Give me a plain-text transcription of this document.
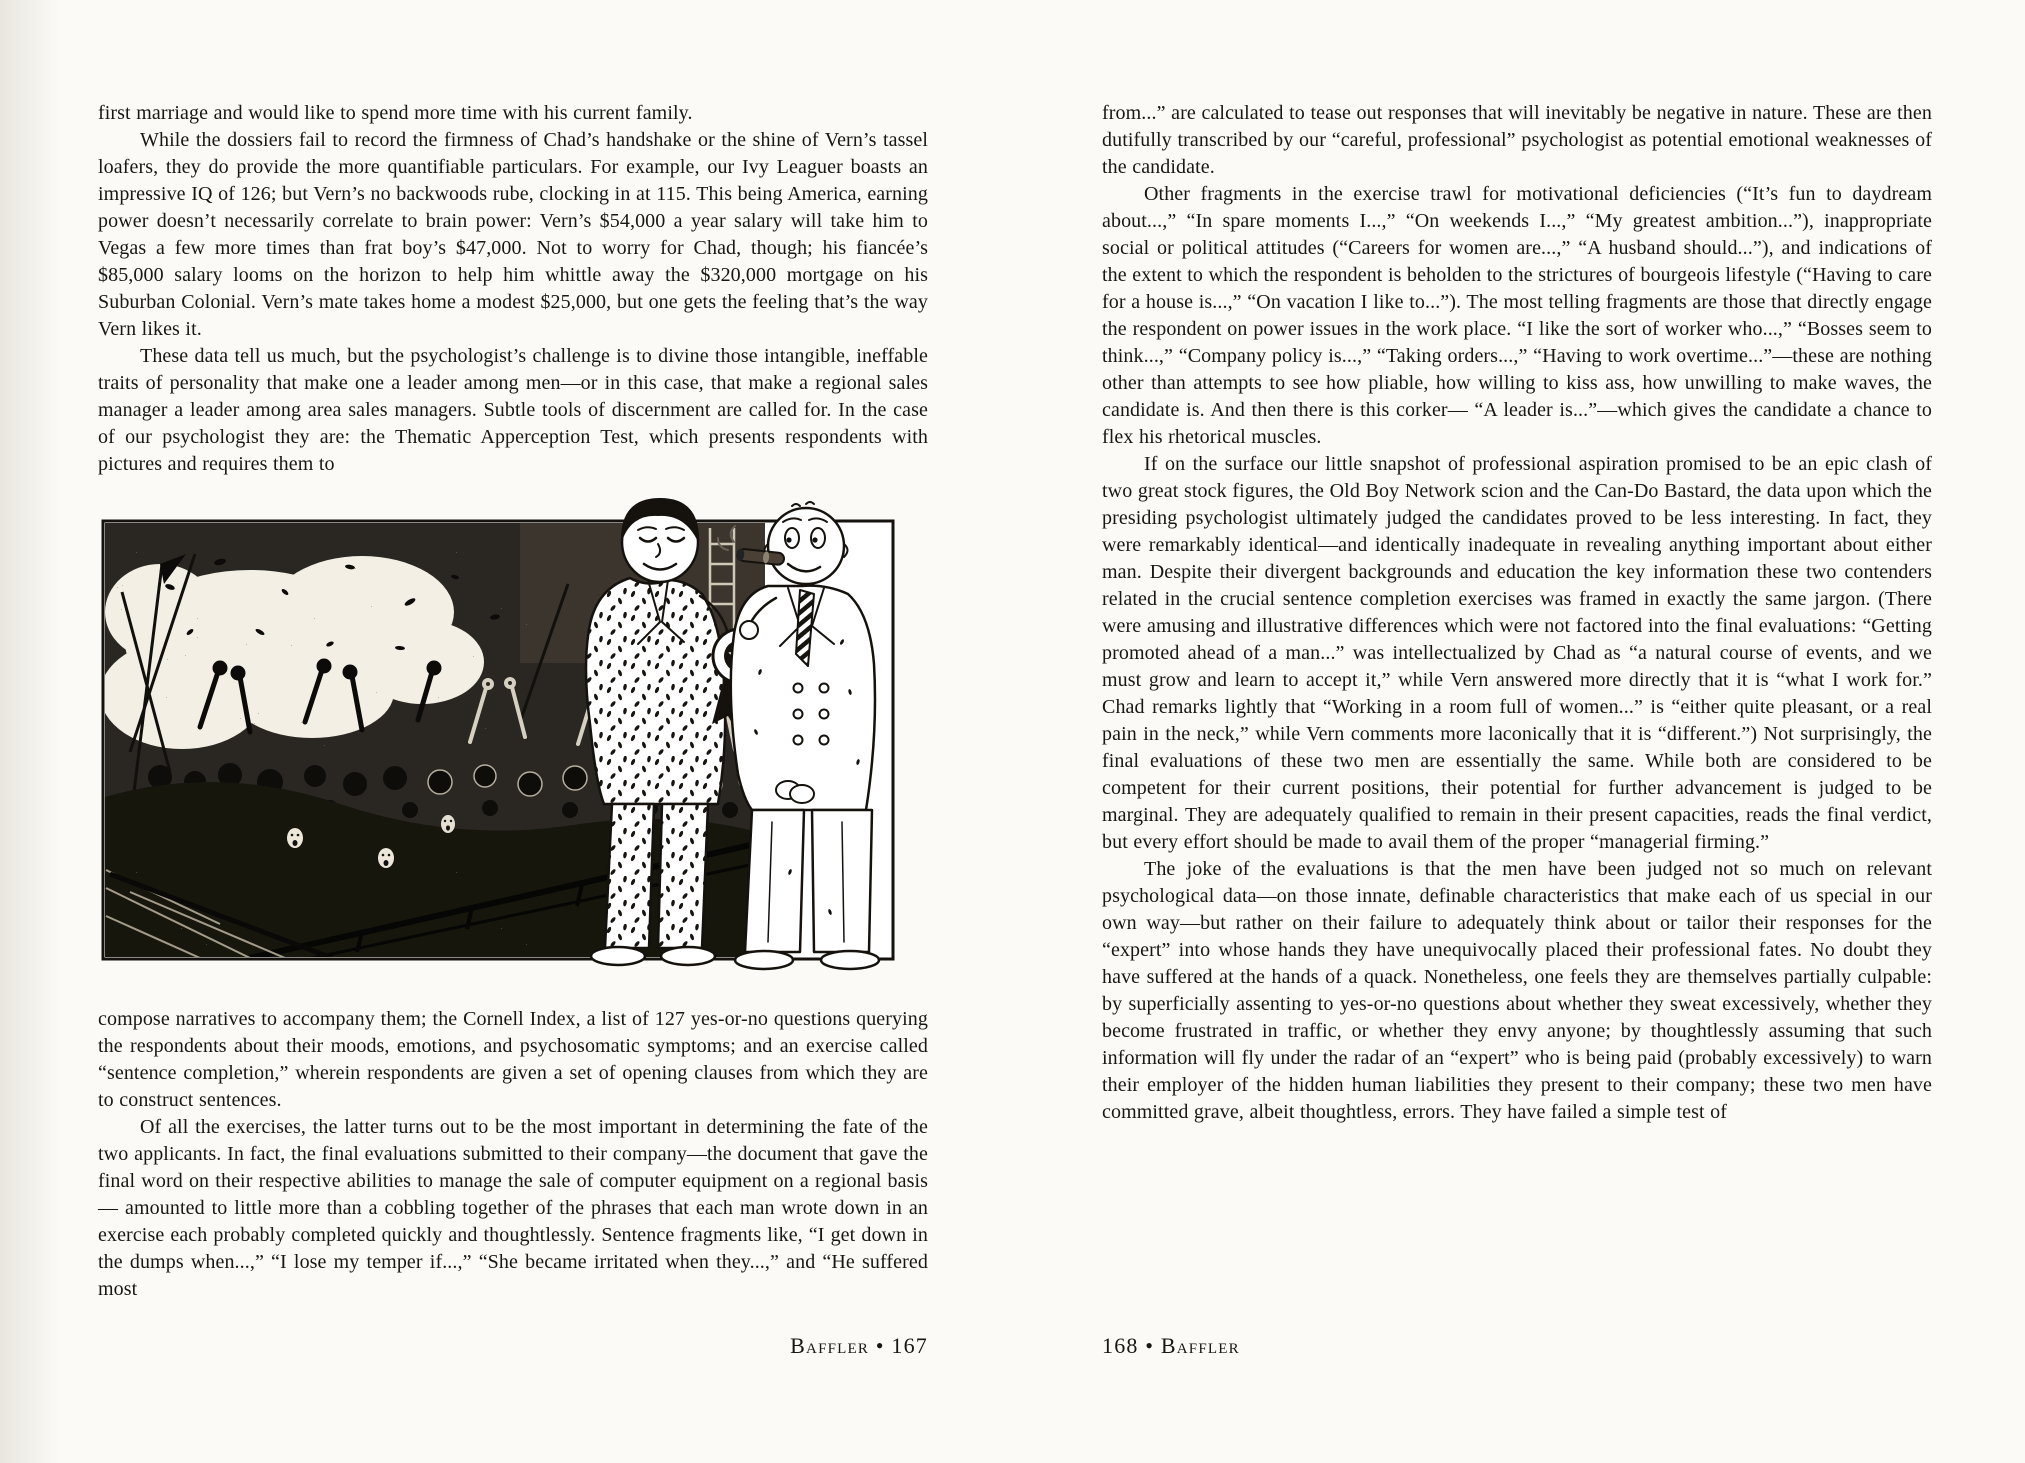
first marriage and would like to spend more time with his current family.

While the dossiers fail to record the firmness of Chad’s handshake or the shine of Vern’s tassel loafers, they do provide the more quantifiable particulars. For example, our Ivy Leaguer boasts an impressive IQ of 126; but Vern’s no backwoods rube, clocking in at 115. This being America, earning power doesn’t necessarily correlate to brain power: Vern’s $54,000 a year salary will take him to Vegas a few more times than frat boy’s $47,000. Not to worry for Chad, though; his fiancée’s $85,000 salary looms on the horizon to help him whittle away the $320,000 mortgage on his Suburban Colonial. Vern’s mate takes home a modest $25,000, but one gets the feeling that’s the way Vern likes it.

These data tell us much, but the psychologist’s challenge is to divine those intangible, ineffable traits of personality that make one a leader among men—or in this case, that make a regional sales manager a leader among area sales managers. Subtle tools of discernment are called for. In the case of our psychologist they are: the Thematic Apperception Test, which presents respondents with pictures and requires them to

compose narratives to accompany them; the Cornell Index, a list of 127 yes-or-no questions querying the respondents about their moods, emotions, and psychosomatic symptoms; and an exercise called “sentence completion,” wherein respondents are given a set of opening clauses from which they are to construct sentences.

Of all the exercises, the latter turns out to be the most important in determining the fate of the two applicants. In fact, the final evaluations submitted to their company—the document that gave the final word on their respective abilities to manage the sale of computer equipment on a regional basis— amounted to little more than a cobbling together of the phrases that each man wrote down in an exercise each probably completed quickly and thoughtlessly. Sentence fragments like, “I get down in the dumps when...,” “I lose my temper if...,” “She became irritated when they...,” and “He suffered most

from...” are calculated to tease out responses that will inevitably be negative in nature. These are then dutifully transcribed by our “careful, professional” psychologist as potential emotional weaknesses of the candidate.

Other fragments in the exercise trawl for motivational deficiencies (“It’s fun to daydream about...,” “In spare moments I...,” “On weekends I...,” “My greatest ambition...”), inappropriate social or political attitudes (“Careers for women are...,” “A husband should...”), and indications of the extent to which the respondent is beholden to the strictures of bourgeois lifestyle (“Having to care for a house is...,” “On vacation I like to...”). The most telling fragments are those that directly engage the respondent on power issues in the work place. “I like the sort of worker who...,” “Bosses seem to think...,” “Company policy is...,” “Taking orders...,” “Having to work overtime...”—these are nothing other than attempts to see how pliable, how willing to kiss ass, how unwilling to make waves, the candidate is. And then there is this corker— “A leader is...”—which gives the candidate a chance to flex his rhetorical muscles.

If on the surface our little snapshot of professional aspiration promised to be an epic clash of two great stock figures, the Old Boy Network scion and the Can-Do Bastard, the data upon which the presiding psychologist ultimately judged the candidates proved to be less interesting. In fact, they were remarkably identical—and identically inadequate in revealing anything important about either man. Despite their divergent backgrounds and education the key information these two contenders related in the crucial sentence completion exercises was framed in exactly the same jargon. (There were amusing and illustrative differences which were not factored into the final evaluations: “Getting promoted ahead of a man...” was intellectualized by Chad as “a natural course of events, and we must grow and learn to accept it,” while Vern answered more directly that it is “what I work for.” Chad remarks lightly that “Working in a room full of women...” is “either quite pleasant, or a real pain in the neck,” while Vern comments more laconically that it is “different.”) Not surprisingly, the final evaluations of these two men are essentially the same. While both are considered to be competent for their current positions, their potential for further advancement is judged to be marginal. They are adequately qualified to remain in their present capacities, reads the final verdict, but every effort should be made to avail them of the proper “managerial firming.”

The joke of the evaluations is that the men have been judged not so much on relevant psychological data—on those innate, definable characteristics that make each of us special in our own way—but rather on their failure to adequately think about or tailor their responses for the “expert” into whose hands they have unequivocally placed their professional fates. No doubt they have suffered at the hands of a quack. Nonetheless, one feels they are themselves partially culpable: by superficially assenting to yes-or-no questions about whether they sweat excessively, whether they become frustrated in traffic, or whether they envy anyone; by thoughtlessly assuming that such information will fly under the radar of an “expert” who is being paid (probably excessively) to warn their employer of the hidden human liabilities they present to their company; these two men have committed grave, albeit thoughtless, errors. They have failed a simple test of

Baffler • 167	168 • Baffler
